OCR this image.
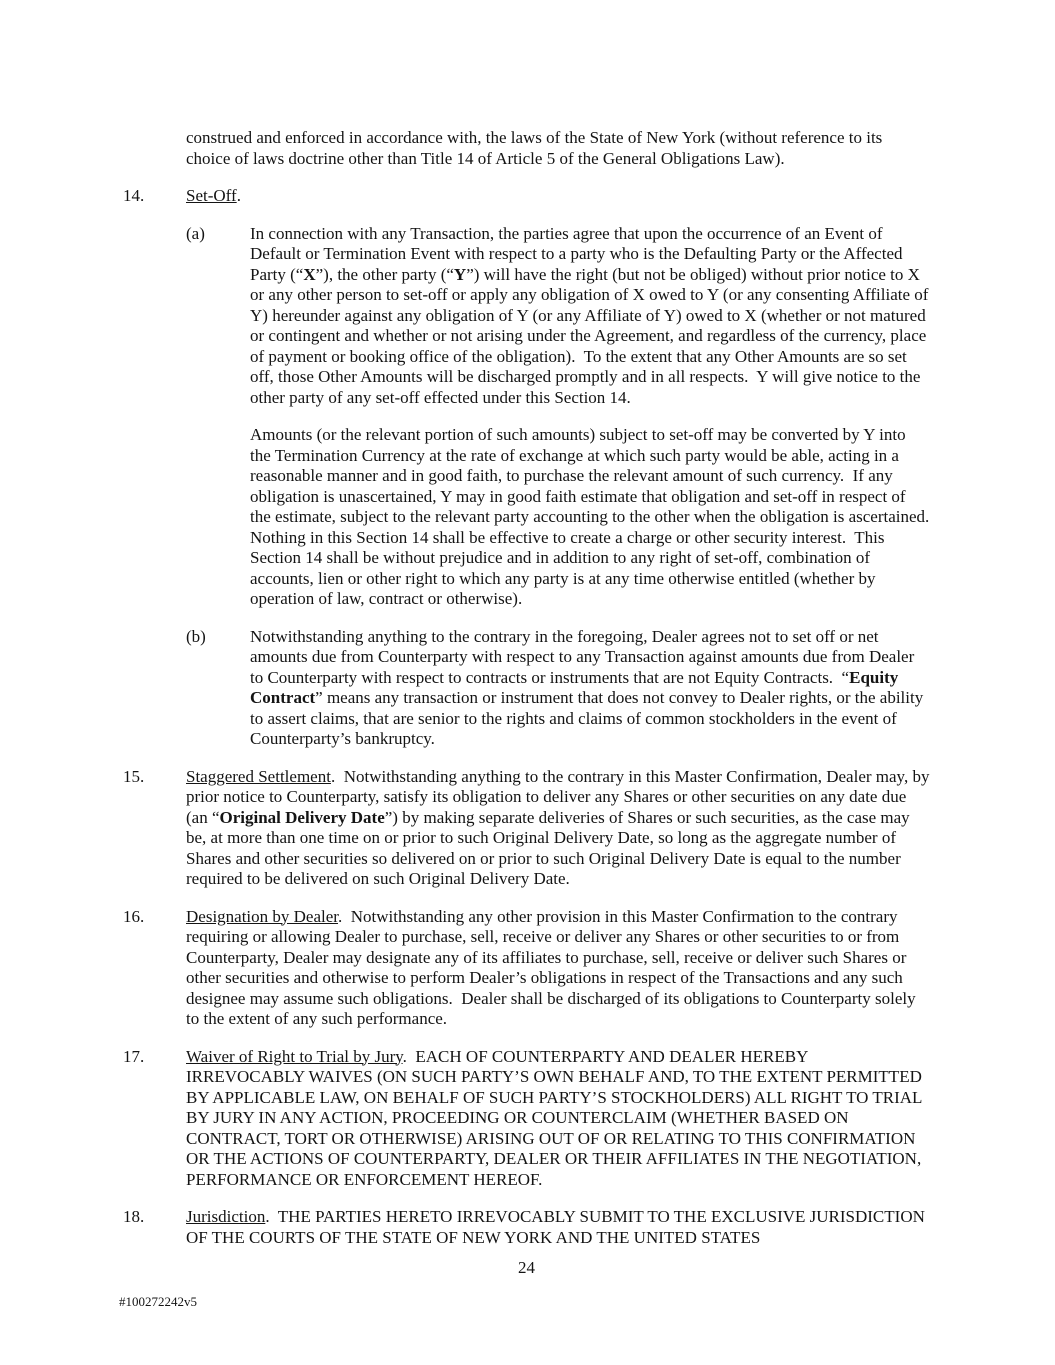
construed and enforced in accordance with, the laws of the State of New York (without reference to its choice of laws doctrine other than Title 14 of Article 5 of the General Obligations Law).
14.	Set-Off.
(a)	In connection with any Transaction, the parties agree that upon the occurrence of an Event of Default or Termination Event with respect to a party who is the Defaulting Party or the Affected Party (“X”), the other party (“Y”) will have the right (but not be obliged) without prior notice to X or any other person to set-off or apply any obligation of X owed to Y (or any consenting Affiliate of Y) hereunder against any obligation of Y (or any Affiliate of Y) owed to X (whether or not matured or contingent and whether or not arising under the Agreement, and regardless of the currency, place of payment or booking office of the obligation).  To the extent that any Other Amounts are so set off, those Other Amounts will be discharged promptly and in all respects.  Y will give notice to the other party of any set-off effected under this Section 14.
Amounts (or the relevant portion of such amounts) subject to set-off may be converted by Y into the Termination Currency at the rate of exchange at which such party would be able, acting in a reasonable manner and in good faith, to purchase the relevant amount of such currency.  If any obligation is unascertained, Y may in good faith estimate that obligation and set-off in respect of the estimate, subject to the relevant party accounting to the other when the obligation is ascertained.  Nothing in this Section 14 shall be effective to create a charge or other security interest.  This Section 14 shall be without prejudice and in addition to any right of set-off, combination of accounts, lien or other right to which any party is at any time otherwise entitled (whether by operation of law, contract or otherwise).
(b)	Notwithstanding anything to the contrary in the foregoing, Dealer agrees not to set off or net amounts due from Counterparty with respect to any Transaction against amounts due from Dealer to Counterparty with respect to contracts or instruments that are not Equity Contracts.  “Equity Contract” means any transaction or instrument that does not convey to Dealer rights, or the ability to assert claims, that are senior to the rights and claims of common stockholders in the event of Counterparty’s bankruptcy.
15.	Staggered Settlement.  Notwithstanding anything to the contrary in this Master Confirmation, Dealer may, by prior notice to Counterparty, satisfy its obligation to deliver any Shares or other securities on any date due (an “Original Delivery Date”) by making separate deliveries of Shares or such securities, as the case may be, at more than one time on or prior to such Original Delivery Date, so long as the aggregate number of Shares and other securities so delivered on or prior to such Original Delivery Date is equal to the number required to be delivered on such Original Delivery Date.
16.	Designation by Dealer.  Notwithstanding any other provision in this Master Confirmation to the contrary requiring or allowing Dealer to purchase, sell, receive or deliver any Shares or other securities to or from Counterparty, Dealer may designate any of its affiliates to purchase, sell, receive or deliver such Shares or other securities and otherwise to perform Dealer’s obligations in respect of the Transactions and any such designee may assume such obligations.  Dealer shall be discharged of its obligations to Counterparty solely to the extent of any such performance.
17.	Waiver of Right to Trial by Jury.  EACH OF COUNTERPARTY AND DEALER HEREBY IRREVOCABLY WAIVES (ON SUCH PARTY’S OWN BEHALF AND, TO THE EXTENT PERMITTED BY APPLICABLE LAW, ON BEHALF OF SUCH PARTY’S STOCKHOLDERS) ALL RIGHT TO TRIAL BY JURY IN ANY ACTION, PROCEEDING OR COUNTERCLAIM (WHETHER BASED ON CONTRACT, TORT OR OTHERWISE) ARISING OUT OF OR RELATING TO THIS CONFIRMATION OR THE ACTIONS OF COUNTERPARTY, DEALER OR THEIR AFFILIATES IN THE NEGOTIATION, PERFORMANCE OR ENFORCEMENT HEREOF.
18.	Jurisdiction.  THE PARTIES HERETO IRREVOCABLY SUBMIT TO THE EXCLUSIVE JURISDICTION OF THE COURTS OF THE STATE OF NEW YORK AND THE UNITED STATES
24
#100272242v5
